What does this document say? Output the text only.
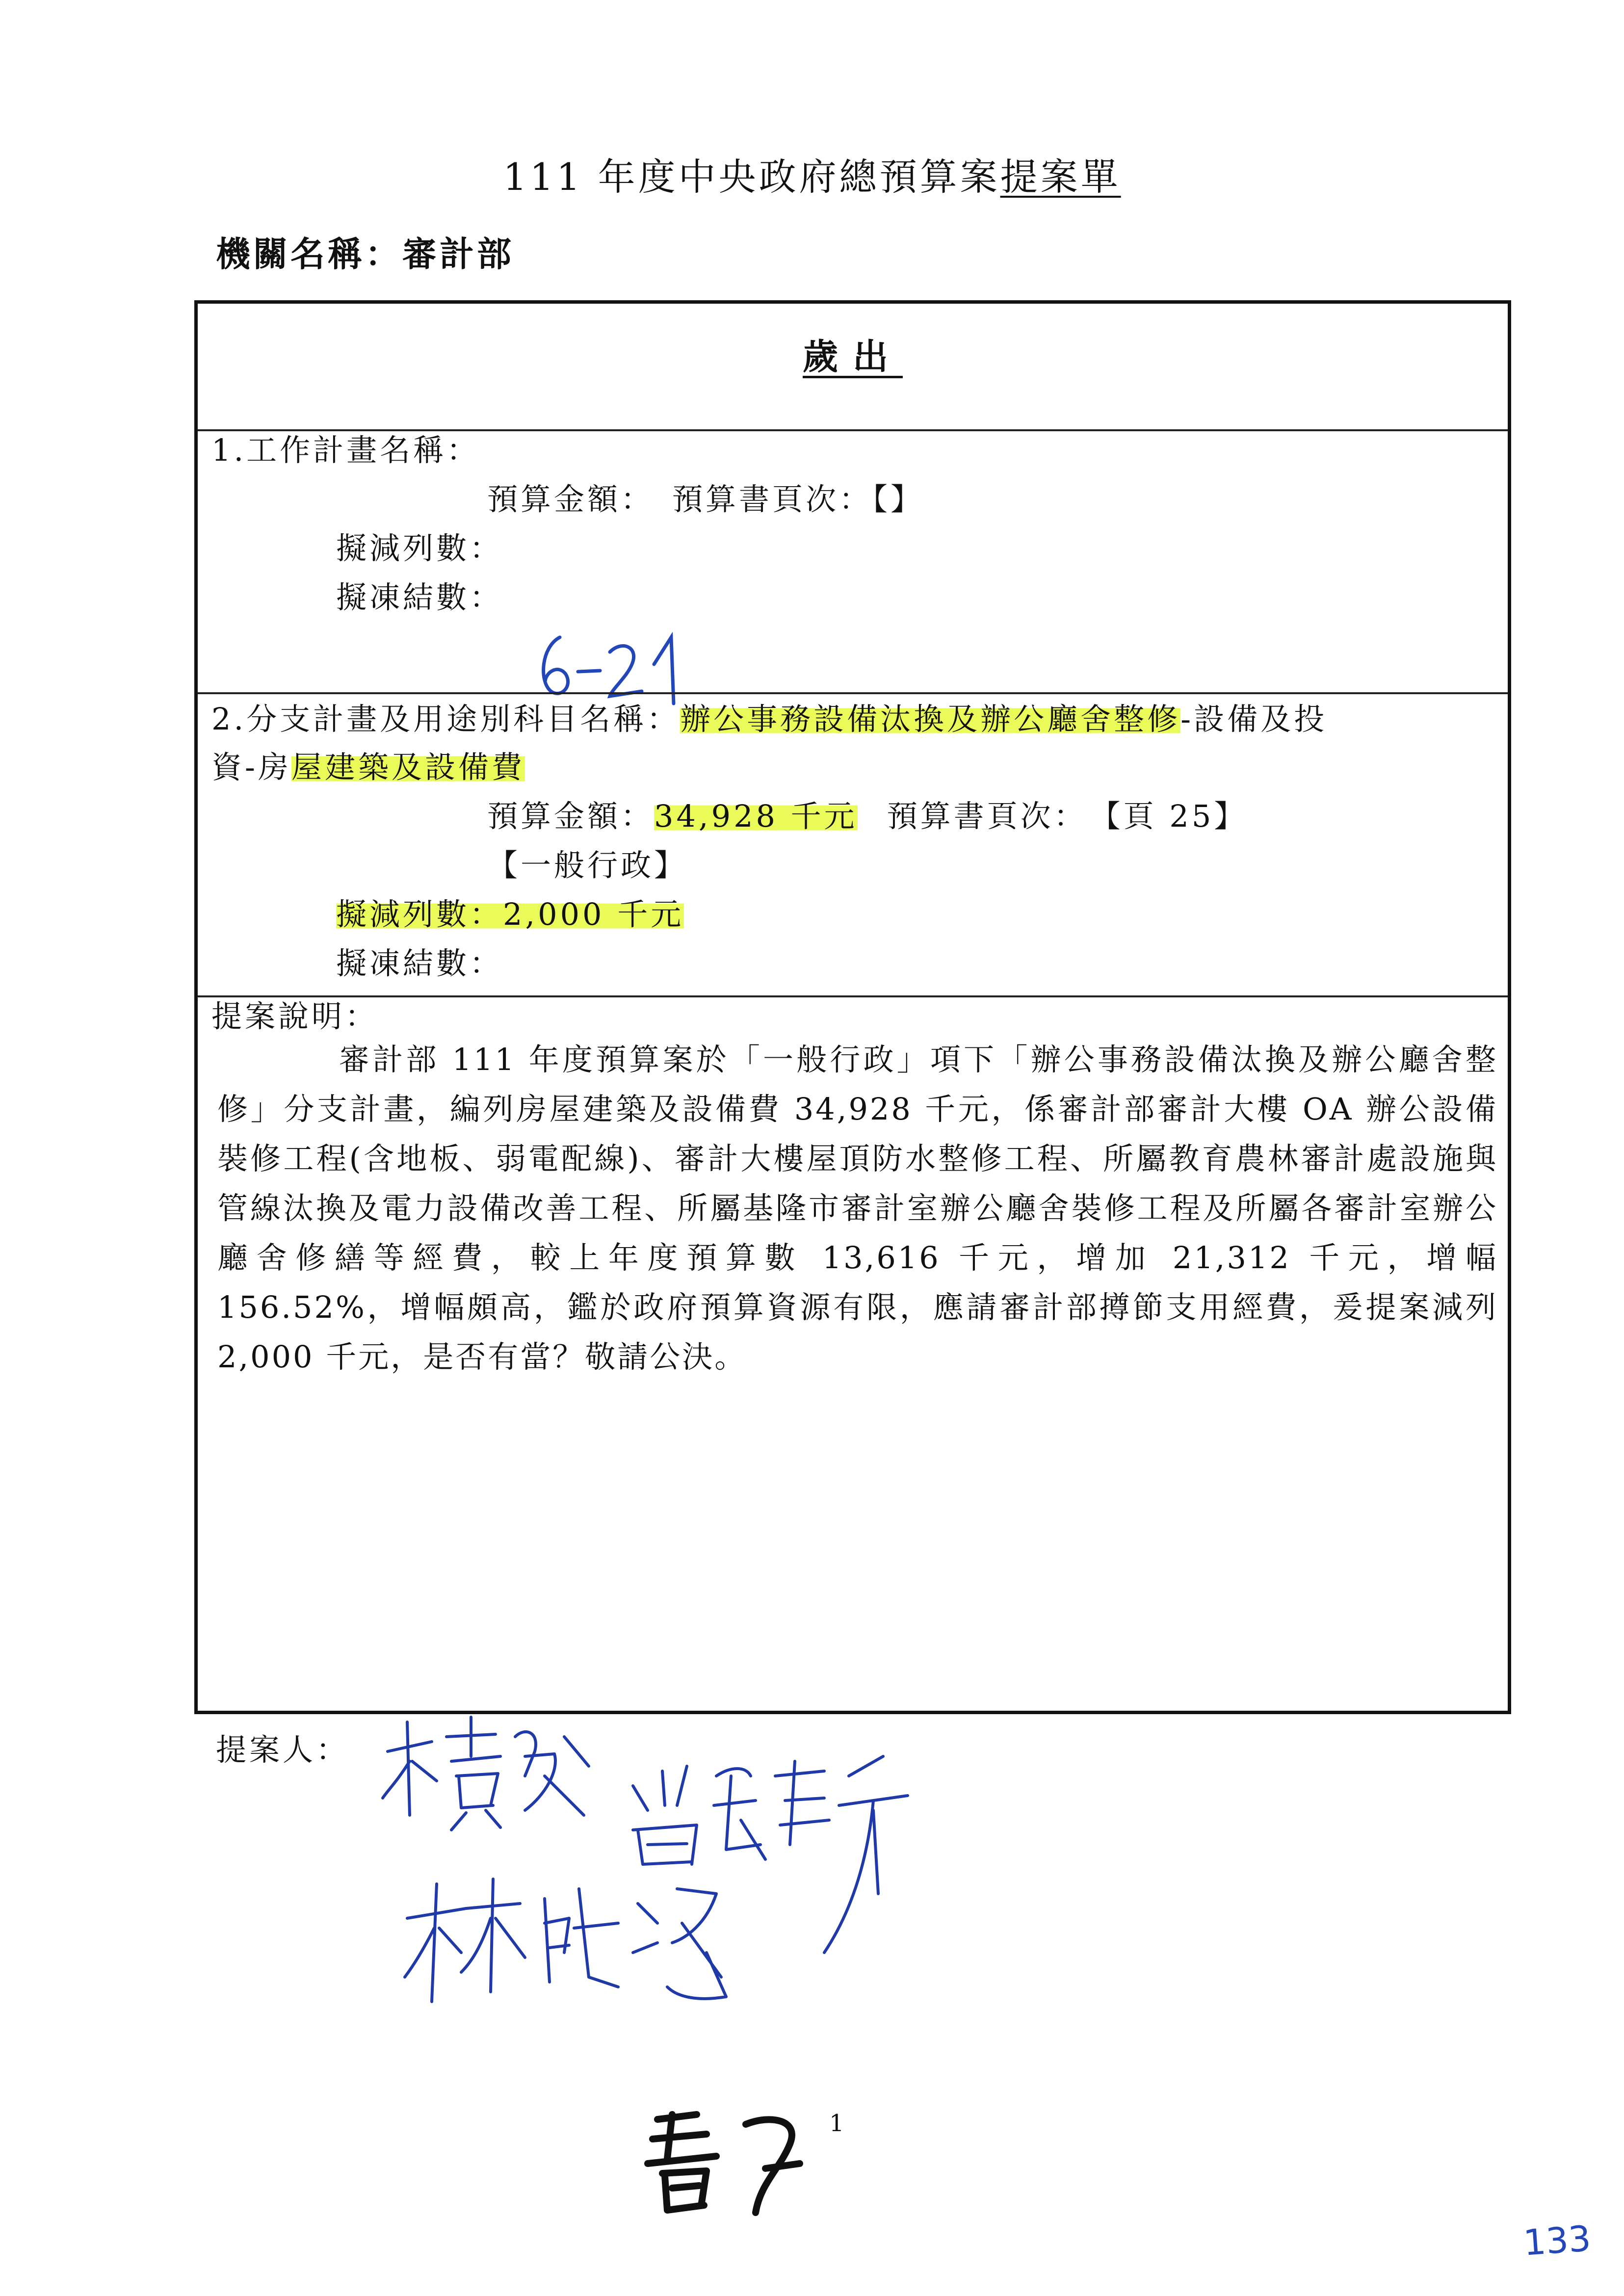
111 年度中央政府總預算案提案單
機關名稱：審計部
歲出
1.工作計畫名稱：
預算金額：　預算書頁次：【】
擬減列數：
擬凍結數：
2.分支計畫及用途別科目名稱：辦公事務設備汰換及辦公廳舍整修-設備及投
資-房屋建築及設備費
預算金額：34,928 千元 預算書頁次：　【頁 25】
【一般行政】
擬減列數：2,000 千元
擬凍結數：
提案說明：
審計部 111 年度預算案於「一般行政」項下「辦公事務設備汰換及辦公廳舍整修」分支計畫，編列房屋建築及設備費 34,928 千元，係審計部審計大樓 OA 辦公設備裝修工程(含地板、弱電配線)、審計大樓屋頂防水整修工程、所屬教育農林審計處設施與管線汰換及電力設備改善工程、所屬基隆市審計室辦公廳舍裝修工程及所屬各審計室辦公廳舍修繕等經費，較上年度預算數 13,616 千元，增加 21,312 千元，增幅 156.52%，增幅頗高，鑑於政府預算資源有限，應請審計部撙節支用經費，爰提案減列 2,000 千元，是否有當？敬請公決。
提案人：
1
133
